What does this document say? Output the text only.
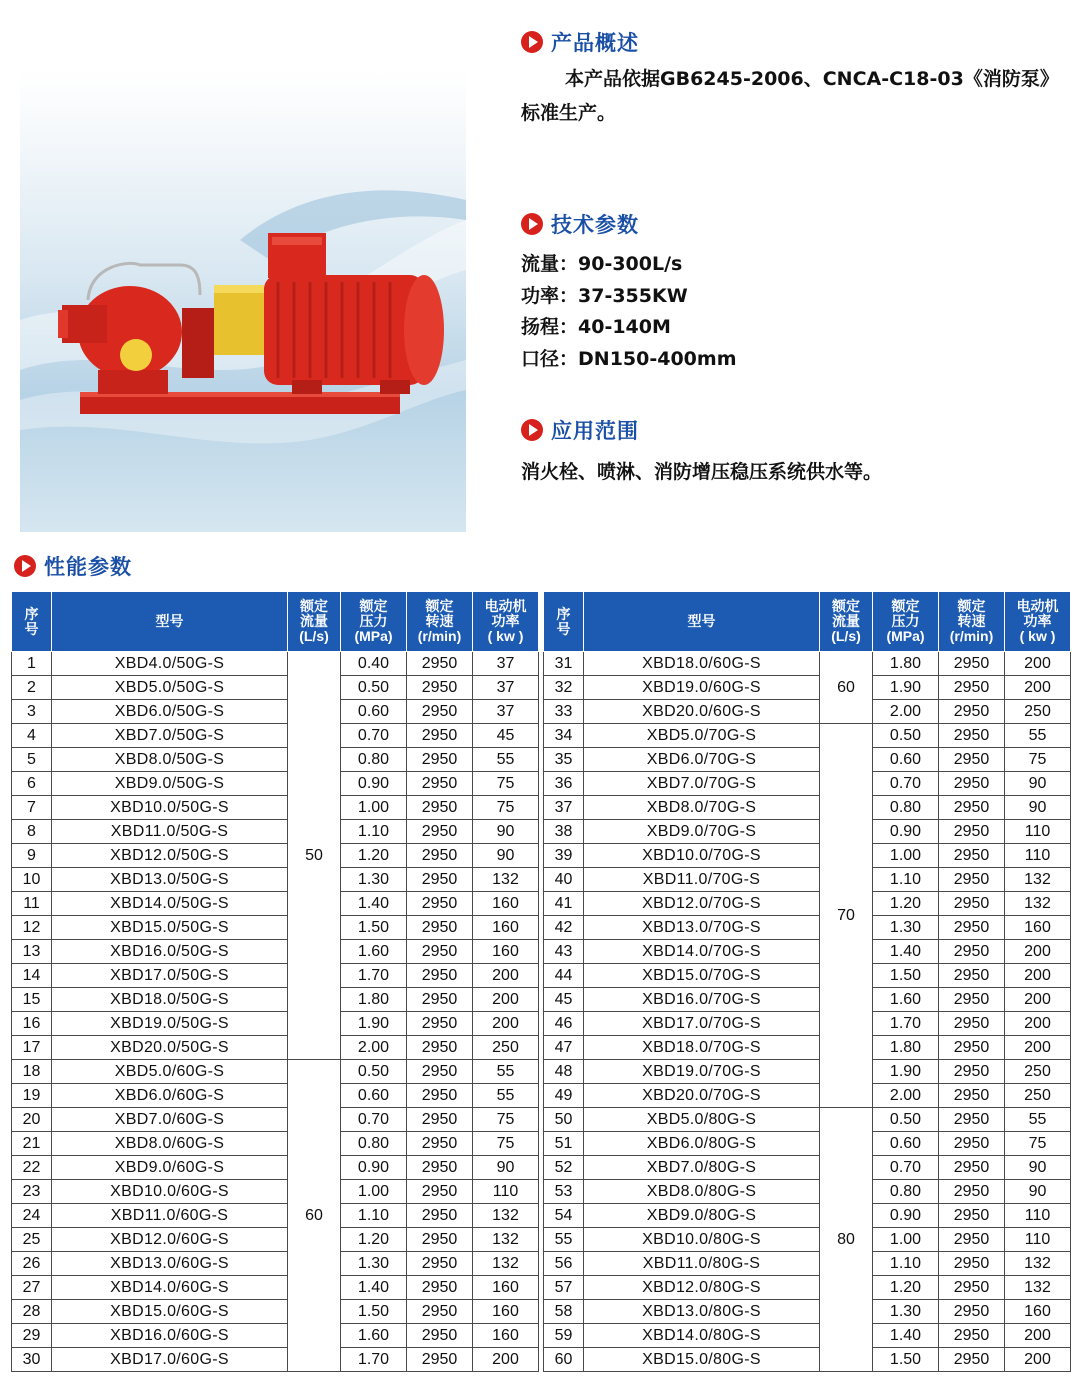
产品概述
本产品依据GB6245-2006、CNCA-C18-03《消防泵》
标准生产。
技术参数
流量：90-300L/s
功率：37-355KW
扬程：40-140M
口径：DN150-400mm
应用范围
消火栓、喷淋、消防增压稳压系统供水等。
性能参数
序
号	型号	额定
流量
(L/s)	额定
压力
(MPa)	额定
转速
(r/min)	电动机
功率
( kw )
1	XBD4.0/50G-S	50	0.40	2950	37
2	XBD5.0/50G-S		0.50	2950	37
3	XBD6.0/50G-S		0.60	2950	37
4	XBD7.0/50G-S		0.70	2950	45
5	XBD8.0/50G-S		0.80	2950	55
6	XBD9.0/50G-S		0.90	2950	75
7	XBD10.0/50G-S		1.00	2950	75
8	XBD11.0/50G-S		1.10	2950	90
9	XBD12.0/50G-S		1.20	2950	90
10	XBD13.0/50G-S		1.30	2950	132
11	XBD14.0/50G-S		1.40	2950	160
12	XBD15.0/50G-S		1.50	2950	160
13	XBD16.0/50G-S		1.60	2950	160
14	XBD17.0/50G-S		1.70	2950	200
15	XBD18.0/50G-S		1.80	2950	200
16	XBD19.0/50G-S		1.90	2950	200
17	XBD20.0/50G-S		2.00	2950	250
18	XBD5.0/60G-S	60	0.50	2950	55
19	XBD6.0/60G-S		0.60	2950	55
20	XBD7.0/60G-S		0.70	2950	75
21	XBD8.0/60G-S		0.80	2950	75
22	XBD9.0/60G-S		0.90	2950	90
23	XBD10.0/60G-S		1.00	2950	110
24	XBD11.0/60G-S		1.10	2950	132
25	XBD12.0/60G-S		1.20	2950	132
26	XBD13.0/60G-S		1.30	2950	132
27	XBD14.0/60G-S		1.40	2950	160
28	XBD15.0/60G-S		1.50	2950	160
29	XBD16.0/60G-S		1.60	2950	160
30	XBD17.0/60G-S		1.70	2950	200
序
号	型号	额定
流量
(L/s)	额定
压力
(MPa)	额定
转速
(r/min)	电动机
功率
( kw )
31	XBD18.0/60G-S	60	1.80	2950	200
32	XBD19.0/60G-S		1.90	2950	200
33	XBD20.0/60G-S		2.00	2950	250
34	XBD5.0/70G-S	70	0.50	2950	55
35	XBD6.0/70G-S		0.60	2950	75
36	XBD7.0/70G-S		0.70	2950	90
37	XBD8.0/70G-S		0.80	2950	90
38	XBD9.0/70G-S		0.90	2950	110
39	XBD10.0/70G-S		1.00	2950	110
40	XBD11.0/70G-S		1.10	2950	132
41	XBD12.0/70G-S		1.20	2950	132
42	XBD13.0/70G-S		1.30	2950	160
43	XBD14.0/70G-S		1.40	2950	200
44	XBD15.0/70G-S		1.50	2950	200
45	XBD16.0/70G-S		1.60	2950	200
46	XBD17.0/70G-S		1.70	2950	200
47	XBD18.0/70G-S		1.80	2950	200
48	XBD19.0/70G-S		1.90	2950	250
49	XBD20.0/70G-S		2.00	2950	250
50	XBD5.0/80G-S	80	0.50	2950	55
51	XBD6.0/80G-S		0.60	2950	75
52	XBD7.0/80G-S		0.70	2950	90
53	XBD8.0/80G-S		0.80	2950	90
54	XBD9.0/80G-S		0.90	2950	110
55	XBD10.0/80G-S		1.00	2950	110
56	XBD11.0/80G-S		1.10	2950	132
57	XBD12.0/80G-S		1.20	2950	132
58	XBD13.0/80G-S		1.30	2950	160
59	XBD14.0/80G-S		1.40	2950	200
60	XBD15.0/80G-S		1.50	2950	200
